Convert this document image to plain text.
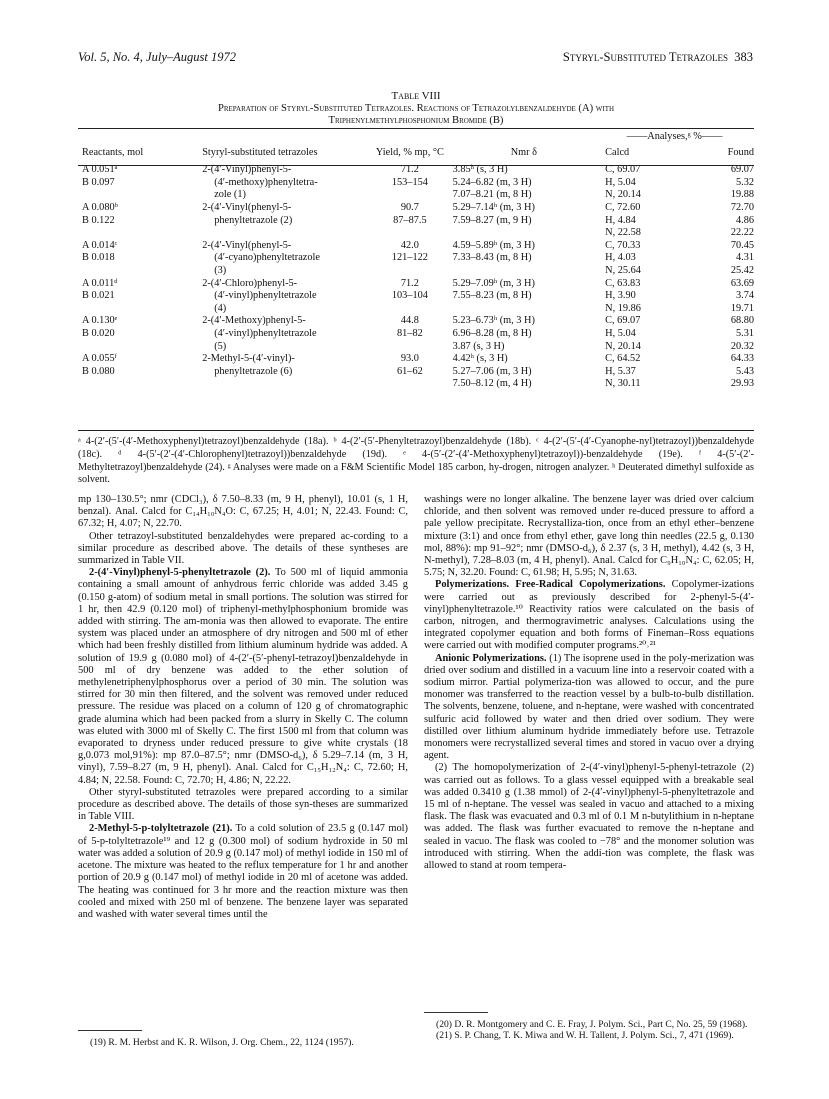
Vol. 5, No. 4, July–August 1972	Styryl-Substituted Tetrazoles 383
Table VIII
Preparation of Styryl-Substituted Tetrazoles. Reactions of Tetrazolylbenzaldehyde (A) with
Triphenylmethylphosphonium Bromide (B)
				——Analyses,ᵍ %——	
Reactants, mol	Styryl-substituted tetrazoles	Yield, % mp, °C	Nmr δ	Calcd	Found
A 0.051ᵃ	2-(4′-Vinyl)phenyl-5-	71.2	3.85ʰ (s, 3 H)	C, 69.07	69.07
B 0.097	(4′-methoxy)phenyltetra-	153–154	5.24–6.82 (m, 3 H)	H, 5.04	5.32
	zole (1)		7.07–8.21 (m, 8 H)	N, 20.14	19.88
A 0.080ᵇ	2-(4′-Vinyl(phenyl-5-	90.7	5.29–7.14ʰ (m, 3 H)	C, 72.60	72.70
B 0.122	phenyltetrazole (2)	87–87.5	7.59–8.27 (m, 9 H)	H, 4.84	4.86
				N, 22.58	22.22

A 0.014ᶜ	2-(4′-Vinyl(phenyl-5-	42.0	4.59–5.89ʰ (m, 3 H)	C, 70.33	70.45
B 0.018	(4′-cyano)phenyltetrazole	121–122	7.33–8.43 (m, 8 H)	H, 4.03	4.31
	(3)			N, 25.64	25.42
A 0.011ᵈ	2-(4′-Chloro)phenyl-5-	71.2	5.29–7.09ʰ (m, 3 H)	C, 63.83	63.69
B 0.021	(4′-vinyl)phenyltetrazole	103–104	7.55–8.23 (m, 8 H)	H, 3.90	3.74
	(4)			N, 19.86	19.71
A 0.130ᵉ	2-(4′-Methoxy)phenyl-5-	44.8	5.23–6.73ʰ (m, 3 H)	C, 69.07	68.80
B 0.020	(4′-vinyl)phenyltetrazole	81–82	6.96–8.28 (m, 8 H)	H, 5.04	5.31
	(5)		3.87 (s, 3 H)	N, 20.14	20.32
A 0.055ᶠ	2-Methyl-5-(4′-vinyl)-	93.0	4.42ʰ (s, 3 H)	C, 64.52	64.33
B 0.080	phenyltetrazole (6)	61–62	5.27–7.06 (m, 3 H)	H, 5.37	5.43
			7.50–8.12 (m, 4 H)	N, 30.11	29.93
ᵃ 4-(2′-(5′-(4′-Methoxyphenyl)tetrazoyl)benzaldehyde (18a). ᵇ 4-(2′-(5′-Phenyltetrazoyl)benzaldehyde (18b). ᶜ 4-(2′-(5′-(4′-Cyanophe-nyl)tetrazoyl))benzaldehyde (18c). ᵈ 4-(5′-(2′-(4′-Chlorophenyl)tetrazoyl))benzaldehyde (19d). ᵉ 4-(5′-(2′-(4′-Methoxyphenyl)tetrazoyl))-benzaldehyde (19e). ᶠ 4-(5′-(2′-Methyltetrazoyl)benzaldehyde (24). ᵍ Analyses were made on a F&M Scientific Model 185 carbon, hy-drogen, nitrogen analyzer. ʰ Deuterated dimethyl sulfoxide as solvent.

mp 130–130.5°; nmr (CDCl₃), δ 7.50–8.33 (m, 9 H, phenyl), 10.01 (s, 1 H, benzal). Anal. Calcd for C₁₄H₁₀N₄O: C, 67.25; H, 4.01; N, 22.43. Found: C, 67.32; H, 4.07; N, 22.70.

Other tetrazoyl-substituted benzaldehydes were prepared ac-cording to a similar procedure as described above. The details of these syntheses are summarized in Table VII.

2-(4′-Vinyl)phenyl-5-phenyltetrazole (2). To 500 ml of liquid ammonia containing a small amount of anhydrous ferric chloride was added 3.45 g (0.150 g-atom) of sodium metal in small portions. The solution was stirred for 1 hr, then 42.9 (0.120 mol) of triphenyl-methylphosphonium bromide was added with stirring. The am-monia was then allowed to evaporate. The entire system was placed under an atmosphere of dry nitrogen and 500 ml of ether which had been freshly distilled from lithium aluminum hydride was added. A solution of 19.9 g (0.080 mol) of 4-(2′-(5′-phenyl-tetrazoyl)benzaldehyde in 500 ml of dry benzene was added to the ether solution of methylenetriphenylphosphorus over a period of 30 min. The solution was stirred for 30 min then filtered, and the solvent was removed under reduced pressure. The residue was placed on a column of 120 g of chromatographic grade alumina which had been packed from a slurry in Skelly C. The column was eluted with 3000 ml of Skelly C. The first 1500 ml from that column was evaporated to dryness under reduced pressure to give white crystals (18 g,0.073 mol,91%): mp 87.0–87.5°; nmr (DMSO-d₆), δ 5.29–7.14 (m, 3 H, vinyl), 7.59–8.27 (m, 9 H, phenyl). Anal. Calcd for C₁₅H₁₂N₄: C, 72.60; H, 4.84; N, 22.58. Found: C, 72.70; H, 4.86; N, 22.22.

Other styryl-substituted tetrazoles were prepared according to a similar procedure as described above. The details of those syn-theses are summarized in Table VIII.

2-Methyl-5-p-tolyltetrazole (21). To a cold solution of 23.5 g (0.147 mol) of 5-p-tolyltetrazole¹⁹ and 12 g (0.300 mol) of sodium hydroxide in 50 ml water was added a solution of 20.9 g (0.147 mol) of methyl iodide in 150 ml of acetone. The mixture was heated to the reflux temperature for 1 hr and another portion of 20.9 g (0.147 mol) of methyl iodide in 20 ml of acetone was added. The heating was continued for 3 hr more and the reaction mixture was then cooled and mixed with 250 ml of benzene. The benzene layer was separated and washed with water several times until the

washings were no longer alkaline. The benzene layer was dried over calcium chloride, and then solvent was removed under re-duced pressure to afford a pale yellow precipitate. Recrystalliza-tion, once from an ethyl ether–benzene mixture (3:1) and once from ethyl ether, gave long thin needles (22.5 g, 0.130 mol, 88%): mp 91–92°; nmr (DMSO-d₆), δ 2.37 (s, 3 H, methyl), 4.42 (s, 3 H, N-methyl), 7.28–8.03 (m, 4 H, phenyl). Anal. Calcd for C₉H₁₀N₄: C, 62.05; H, 5.75; N, 32.20. Found: C, 61.98; H, 5.95; N, 31.63.

Polymerizations. Free-Radical Copolymerizations. Copolymer-izations were carried out as previously described for 2-phenyl-5-(4′-vinyl)phenyltetrazole.¹⁰ Reactivity ratios were calculated on the basis of carbon, nitrogen, and thermogravimetric analyses. Calculations using the integrated copolymer equation and both forms of Fineman–Ross equations were carried out with modified computer programs.²⁰˒²¹

Anionic Polymerizations. (1) The isoprene used in the poly-merization was dried over sodium and distilled in a vacuum line into a reservoir coated with a sodium mirror. Partial polymeriza-tion was allowed to occur, and the pure monomer was transferred to the reaction vessel by a bulb-to-bulb distillation. The solvents, benzene, toluene, and n-heptane, were washed with concentrated sulfuric acid followed by water and then dried over sodium. They were distilled over lithium aluminum hydride immediately before use. Tetrazole monomers were recrystallized several times and stored in vacuo over a drying agent.

(2) The homopolymerization of 2-(4′-vinyl)phenyl-5-phenyl-tetrazole (2) was carried out as follows. To a glass vessel equipped with a breakable seal was added 0.3410 g (1.38 mmol) of 2-(4′-vinyl)phenyl-5-phenyltetrazole and 15 ml of n-heptane. The vessel was sealed in vacuo and attached to a mixing flask. The flask was evacuated and 0.3 ml of 0.1 M n-butylithium in n-heptane was added. The flask was further evacuated to remove the n-heptane and sealed in vacuo. The flask was cooled to −78° and the monomer solution was introduced with stirring. When the addi-tion was complete, the flask was allowed to stand at room tempera-

(19) R. M. Herbst and K. R. Wilson, J. Org. Chem., 22, 1124 (1957).

(20) D. R. Montgomery and C. E. Fray, J. Polym. Sci., Part C, No. 25, 59 (1968).

(21) S. P. Chang, T. K. Miwa and W. H. Tallent, J. Polym. Sci., 7, 471 (1969).
